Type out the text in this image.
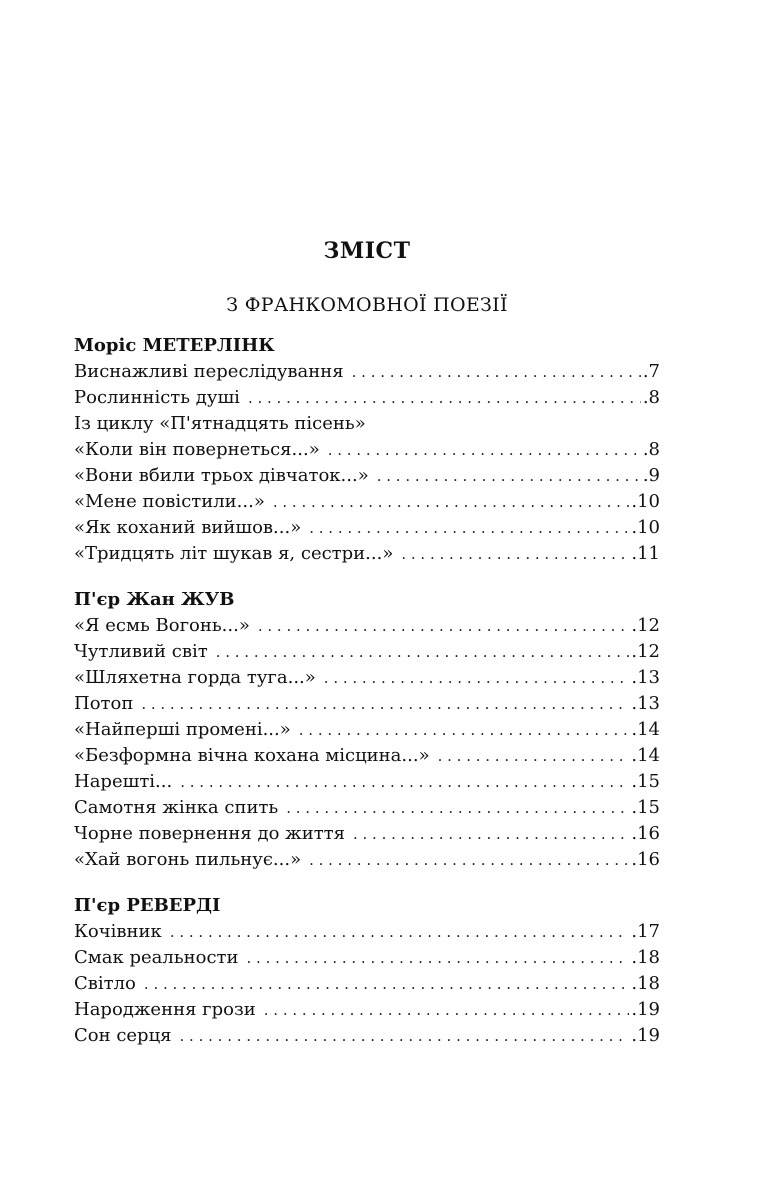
ЗМІСТ
З ФРАНКОМОВНОЇ ПОЕЗІЇ
Моріс МЕТЕРЛІНК
Виснажливі переслідування . . .	.7
Рослинність душі . . .	.8
Із циклу «П'ятнадцять пісень»
«Коли він повернеться...» . . .	.8
«Вони вбили трьох дівчаток...» . . .	.9
«Мене повістили...» . . .	.10
«Як коханий вийшов...» . . .	.10
«Тридцять літ шукав я, сестри...» . . .	.11
П'єр Жан ЖУВ
«Я есмь Вогонь...» . . .	.12
Чутливий світ . . .	.12
«Шляхетна горда туга...» . . .	.13
Потоп . . .	.13
«Найперші промені...» . . .	.14
«Безформна вічна кохана місцина...» . . .	.14
Нарешті... . . .	.15
Самотня жінка спить . . .	.15
Чорне повернення до життя . . .	.16
«Хай вогонь пильнує...» . . .	.16
П'єр РЕВЕРДІ
Кочівник . . .	.17
Смак реальности . . .	.18
Світло . . .	.18
Народження грози . . .	.19
Сон серця . . .	.19
